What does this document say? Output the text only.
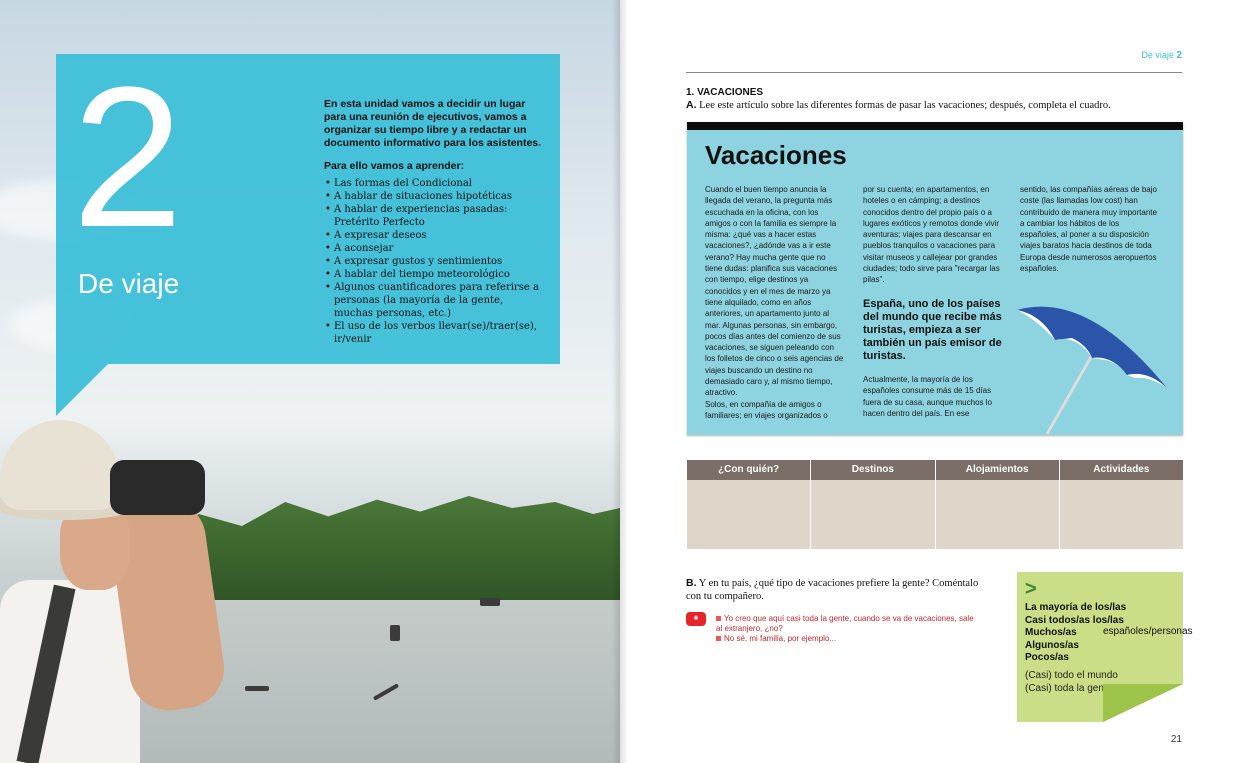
2
De viaje

En esta unidad vamos a decidir un lugar para una reunión de ejecutivos, vamos a organizar su tiempo libre y a redactar un documento informativo para los asistentes.

Para ello vamos a aprender:
• Las formas del Condicional
• A hablar de situaciones hipotéticas
• A hablar de experiencias pasadas: Pretérito Perfecto
• A expresar deseos
• A aconsejar
• A expresar gustos y sentimientos
• A hablar del tiempo meteorológico
• Algunos cuantificadores para referirse a personas (la mayoría de la gente, muchas personas, etc.)
• El uso de los verbos llevar(se)/traer(se), ir/venir
De viaje 2
1. VACACIONES
A. Lee este artículo sobre las diferentes formas de pasar las vacaciones; después, completa el cuadro.
Vacaciones
Cuando el buen tiempo anuncia la llegada del verano, la pregunta más escuchada en la oficina, con los amigos o con la familia es siempre la misma: ¿qué vas a hacer estas vacaciones?, ¿adónde vas a ir este verano? Hay mucha gente que no tiene dudas: planifica sus vacaciones con tiempo, elige destinos ya conocidos y en el mes de marzo ya tiene alquilado, como en años anteriores, un apartamento junto al mar. Algunas personas, sin embargo, pocos días antes del comienzo de sus vacaciones, se siguen peleando con los folletos de cinco o seis agencias de viajes buscando un destino no demasiado caro y, al mismo tiempo, atractivo.
Solos, en compañía de amigos o familiares; en viajes organizados o
por su cuenta; en apartamentos, en hoteles o en cámping; a destinos conocidos dentro del propio país o a lugares exóticos y remotos donde vivir aventuras; viajes para descansar en pueblos tranquilos o vacaciones para visitar museos y callejear por grandes ciudades; todo sirve para "recargar las pilas".
España, uno de los países del mundo que recibe más turistas, empieza a ser también un país emisor de turistas.
Actualmente, la mayoría de los españoles consume más de 15 días fuera de su casa, aunque muchos lo hacen dentro del país. En ese
sentido, las compañías aéreas de bajo coste (las llamadas low cost) han contribuido de manera muy importante a cambiar los hábitos de los españoles, al poner a su disposición viajes baratos hacia destinos de toda Europa desde numerosos aeropuertos españoles.
¿Con quién?	Destinos	Alojamientos	Actividades
B. Y en tu país, ¿qué tipo de vacaciones prefiere la gente? Coméntalo con tu compañero.
*	Yo creo que aquí casi toda la gente, cuando se va de vacaciones, sale al extranjero, ¿no?
No sé, mi familia, por ejemplo...
>
La mayoría de los/las
Casi todos/as los/las
Muchos/as
Algunos/as
Pocos/as
españoles/personas
(Casi) todo el mundo
(Casi) toda la gente
21
